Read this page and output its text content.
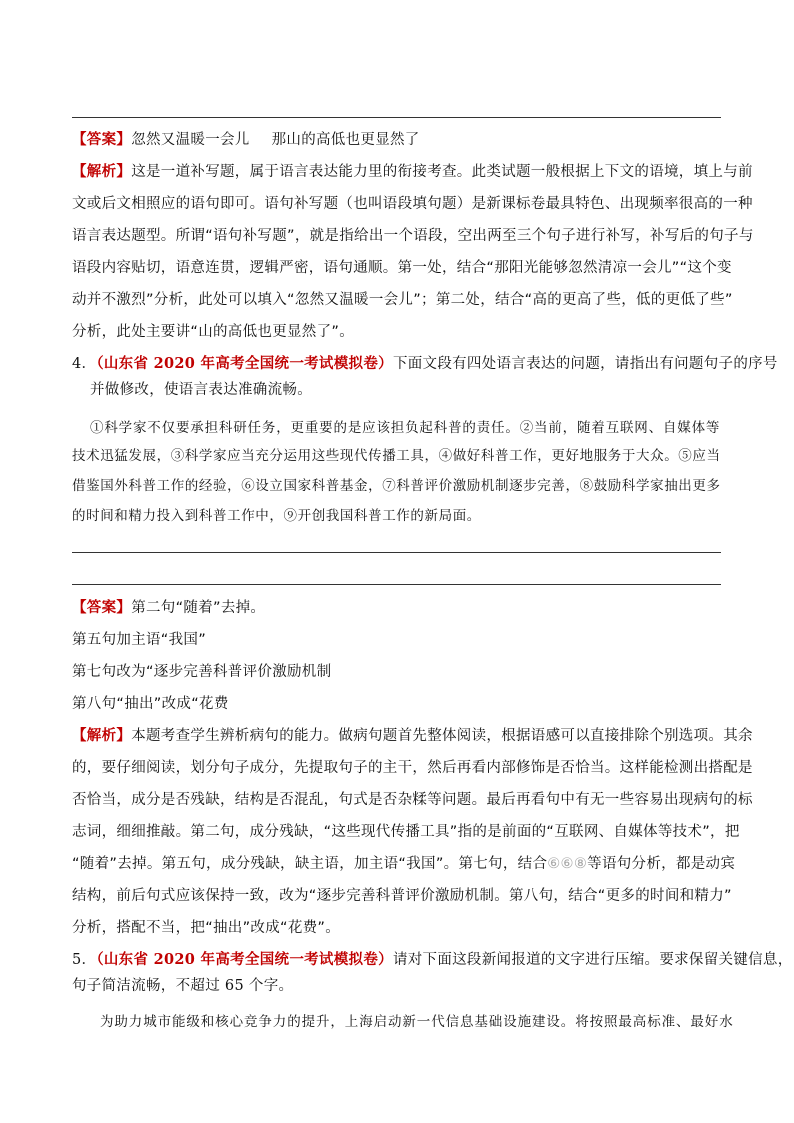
【答案】忽然又温暖一会儿 那山的高低也更显然了
【解析】这是一道补写题，属于语言表达能力里的衔接考查。此类试题一般根据上下文的语境，填上与前
文或后文相照应的语句即可。语句补写题（也叫语段填句题）是新课标卷最具特色、出现频率很高的一种
语言表达题型。所谓“语句补写题”，就是指给出一个语段，空出两至三个句子进行补写，补写后的句子与
语段内容贴切，语意连贯，逻辑严密，语句通顺。第一处，结合“那阳光能够忽然清凉一会儿”“这个变
动并不激烈”分析，此处可以填入“忽然又温暖一会儿”；第二处，结合“高的更高了些，低的更低了些”
分析，此处主要讲“山的高低也更显然了”。
4．（山东省 2020 年高考全国统一考试模拟卷）下面文段有四处语言表达的问题，请指出有问题句子的序号
并做修改，使语言表达准确流畅。
①科学家不仅要承担科研任务，更重要的是应该担负起科普的责任。②当前，随着互联网、自媒体等
技术迅猛发展，③科学家应当充分运用这些现代传播工具，④做好科普工作，更好地服务于大众。⑤应当
借鉴国外科普工作的经验，⑥设立国家科普基金，⑦科普评价激励机制逐步完善，⑧鼓励科学家抽出更多
的时间和精力投入到科普工作中，⑨开创我国科普工作的新局面。
【答案】第二句“随着”去掉。
第五句加主语“我国”
第七句改为“逐步完善科普评价激励机制
第八句“抽出”改成“花费
【解析】本题考查学生辨析病句的能力。做病句题首先整体阅读，根据语感可以直接排除个别选项。其余
的，要仔细阅读，划分句子成分，先提取句子的主干，然后再看内部修饰是否恰当。这样能检测出搭配是
否恰当，成分是否残缺，结构是否混乱，句式是否杂糅等问题。最后再看句中有无一些容易出现病句的标
志词，细细推敲。第二句，成分残缺，“这些现代传播工具”指的是前面的“互联网、自媒体等技术”，把
“随着”去掉。第五句，成分残缺，缺主语，加主语“我国”。第七句，结合⑥⑥⑧等语句分析，都是动宾
结构，前后句式应该保持一致，改为“逐步完善科普评价激励机制。第八句，结合“更多的时间和精力”
分析，搭配不当，把“抽出”改成“花费”。
5．（山东省 2020 年高考全国统一考试模拟卷）请对下面这段新闻报道的文字进行压缩。要求保留关键信息，
句子简洁流畅，不超过 65 个字。
为助力城市能级和核心竞争力的提升，上海启动新一代信息基础设施建设。将按照最高标准、最好水
